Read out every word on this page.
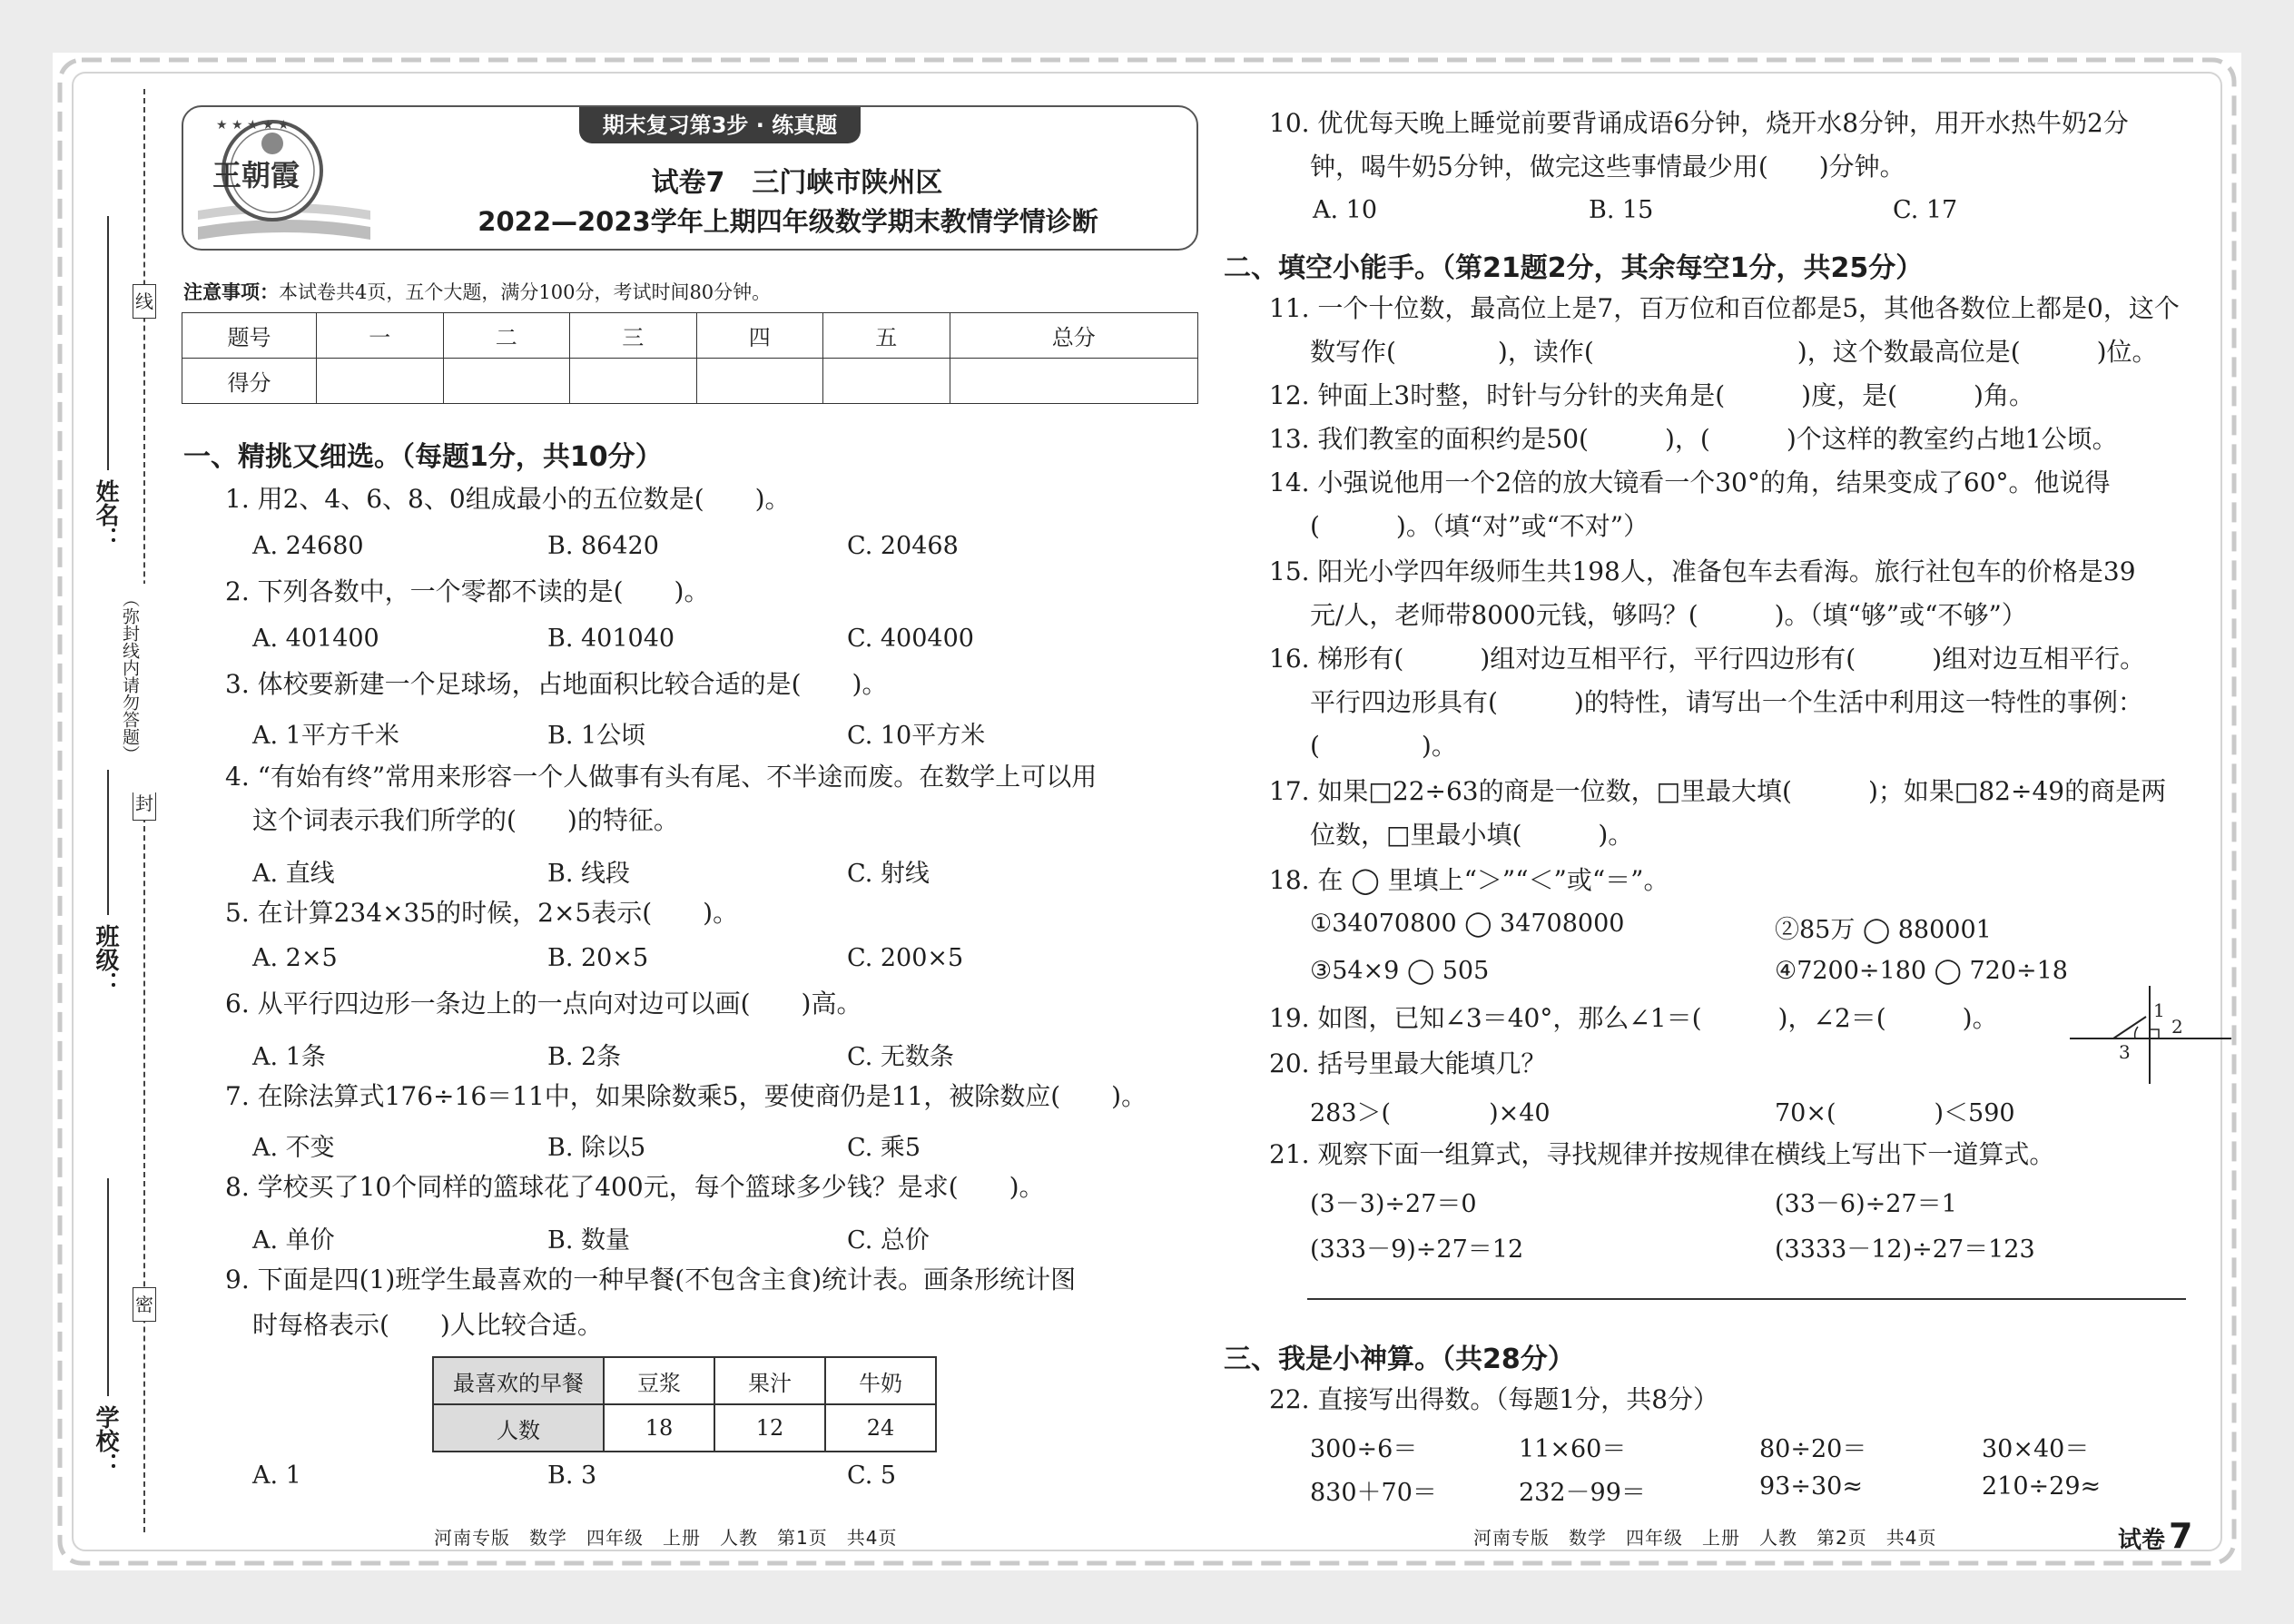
线
封
密
（弥封线内请勿答题）
姓名：
班级：
学校：
期末复习第3步 · 练真题
★ ★ ★ ★ ★
王朝霞	试卷7　三门峡市陕州区
2022—2023学年上期四年级数学期末教情学情诊断
注意事项：本试卷共4页，五个大题，满分100分，考试时间80分钟。
题号	一	二	三	四	五	总分
得分						
一、精挑又细选。（每题1分，共10分）
1. 用2、4、6、8、0组成最小的五位数是(　　)。
A. 24680	B. 86420	C. 20468
2. 下列各数中，一个零都不读的是(　　)。
A. 401400	B. 401040	C. 400400
3. 体校要新建一个足球场，占地面积比较合适的是(　　)。
A. 1平方千米	B. 1公顷	C. 10平方米
4. “有始有终”常用来形容一个人做事有头有尾、不半途而废。在数学上可以用
这个词表示我们所学的(　　)的特征。
A. 直线	B. 线段	C. 射线
5. 在计算234×35的时候，2×5表示(　　)。
A. 2×5	B. 20×5	C. 200×5
6. 从平行四边形一条边上的一点向对边可以画(　　)高。
A. 1条	B. 2条	C. 无数条
7. 在除法算式176÷16＝11中，如果除数乘5，要使商仍是11，被除数应(　　)。
A. 不变	B. 除以5	C. 乘5
8. 学校买了10个同样的篮球花了400元，每个篮球多少钱？是求(　　)。
A. 单价	B. 数量	C. 总价
9. 下面是四(1)班学生最喜欢的一种早餐(不包含主食)统计表。画条形统计图
时每格表示(　　)人比较合适。
最喜欢的早餐	豆浆	果汁	牛奶
人数	18	12	24
A. 1	B. 3	C. 5
河南专版　数学　四年级　上册　人教　第1页　共4页
10. 优优每天晚上睡觉前要背诵成语6分钟，烧开水8分钟，用开水热牛奶2分
钟，喝牛奶5分钟，做完这些事情最少用(　　)分钟。
A. 10	B. 15	C. 17
二、填空小能手。（第21题2分，其余每空1分，共25分）
11. 一个十位数，最高位上是7，百万位和百位都是5，其他各数位上都是0，这个
数写作(　　　　)，读作(　　　　　　　　)，这个数最高位是(　　　)位。
12. 钟面上3时整，时针与分针的夹角是(　　　)度，是(　　　)角。
13. 我们教室的面积约是50(　　　)，(　　　)个这样的教室约占地1公顷。
14. 小强说他用一个2倍的放大镜看一个30°的角，结果变成了60°。他说得
(　　　)。（填“对”或“不对”）
15. 阳光小学四年级师生共198人，准备包车去看海。旅行社包车的价格是39
元/人，老师带8000元钱，够吗？(　　　)。（填“够”或“不够”）
16. 梯形有(　　　)组对边互相平行，平行四边形有(　　　)组对边互相平行。
平行四边形具有(　　　)的特性，请写出一个生活中利用这一特性的事例：
(　　　　)。
17. 如果□22÷63的商是一位数，□里最大填(　　　)；如果□82÷49的商是两
位数，□里最小填(　　　)。
18. 在 ◯ 里填上“＞”“＜”或“＝”。
①34070800 ◯ 34708000	②85万 ◯ 880001
③54×9 ◯ 505	④7200÷180 ◯ 720÷18
19. 如图，已知∠3＝40°，那么∠1＝(　　　)，∠2＝(　　　)。	1
2
3
20. 括号里最大能填几？
283＞(　　　　)×40	70×(　　　　)＜590
21. 观察下面一组算式，寻找规律并按规律在横线上写出下一道算式。
(3－3)÷27＝0	(33－6)÷27＝1
(333－9)÷27＝12	(3333－12)÷27＝123
三、我是小神算。（共28分）
22. 直接写出得数。（每题1分，共8分）
300÷6＝	11×60＝	80÷20＝	30×40＝
830＋70＝	232－99＝	93÷30≈	210÷29≈
河南专版　数学　四年级　上册　人教　第2页　共4页	试卷 7
